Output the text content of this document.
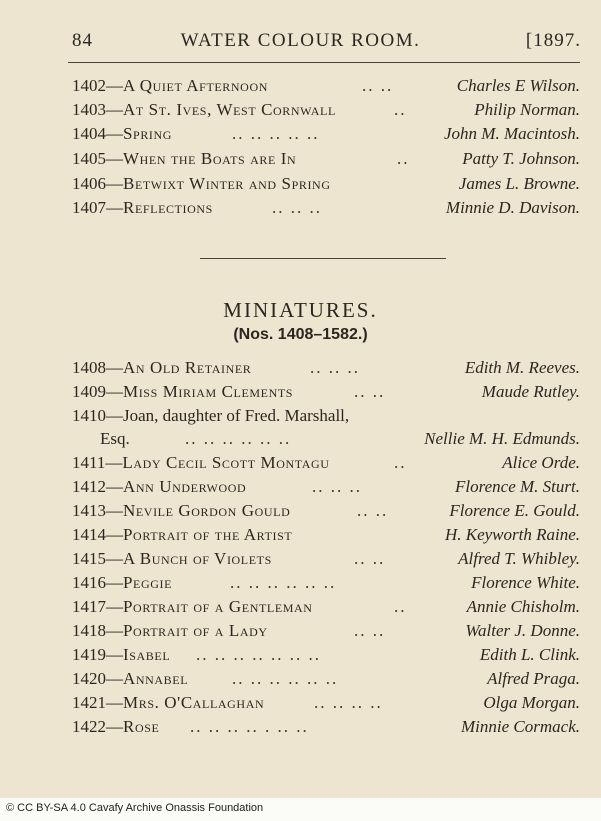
WATER COLOUR ROOM.
84	[1897.
1402—A Quiet Afternoon	.. ..	Charles E Wilson.
1403—At St. Ives, West Cornwall	..	Philip Norman.
1404—Spring	.. .. .. .. ..	John M. Macintosh.
1405—When the Boats are In	..	Patty T. Johnson.
1406—Betwixt Winter and Spring	James L. Browne.
1407—Reflections	.. .. ..	Minnie D. Davison.
MINIATURES.
(Nos. 1408–1582.)
1408—An Old Retainer	.. .. ..	Edith M. Reeves.
1409—Miss Miriam Clements	.. ..	Maude Rutley.
1410—Joan, daughter of Fred. Marshall,
Esq.	.. .. .. .. .. ..	Nellie M. H. Edmunds.
1411—Lady Cecil Scott Montagu	..	Alice Orde.
1412—Ann Underwood	.. .. ..	Florence M. Sturt.
1413—Nevile Gordon Gould	.. ..	Florence E. Gould.
1414—Portrait of the Artist	H. Keyworth Raine.
1415—A Bunch of Violets	.. ..	Alfred T. Whibley.
1416—Peggie	.. .. .. .. .. ..	Florence White.
1417—Portrait of a Gentleman	..	Annie Chisholm.
1418—Portrait of a Lady	.. ..	Walter J. Donne.
1419—Isabel .. .. .. .. .. .. ..	Edith L. Clink.
1420—Annabel	.. .. .. .. .. ..	Alfred Praga.
1421—Mrs. O'Callaghan	.. .. .. ..	Olga Morgan.
1422—Rose .. .. .. .. . .. ..	Minnie Cormack.
© CC BY-SA 4.0 Cavafy Archive Onassis Foundation
